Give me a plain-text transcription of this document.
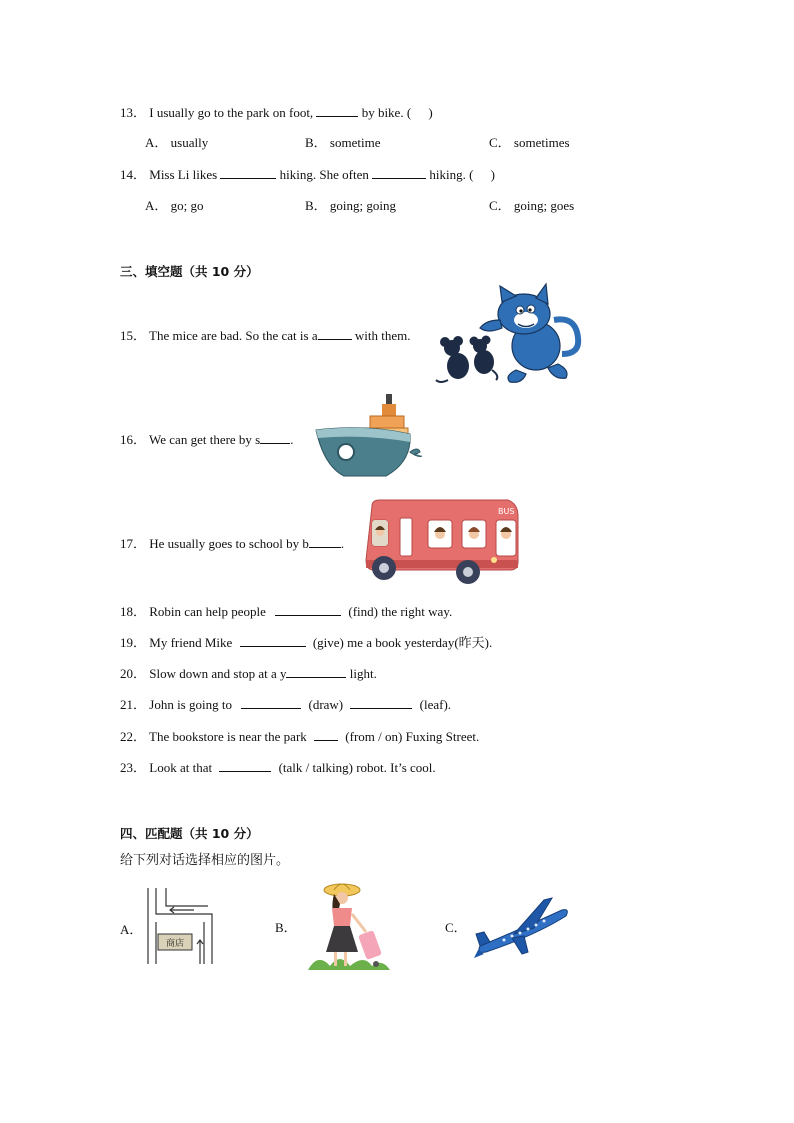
13． I usually go to the park on foot,	by bike. ( )
A． usually	B． sometime	C． sometimes
14． Miss Li likes	hiking. She often	hiking. ( )
A． go; go	B． going; going	C． going; goes
三、填空题（共 10 分）
15． The mice are bad. So the cat is a	with them.
16． We can get there by s .
17． He usually goes to school by b .
BUS
18． Robin can help people	(find) the right way.
19． My friend Mike	(give) me a book yesterday(昨天).
20． Slow down and stop at a y	light.
21． John is going to	(draw)	(leaf).
22． The bookstore is near the park	(from / on) Fuxing Street.
23． Look at that	(talk / talking) robot. It’s cool.
四、匹配题（共 10 分）
给下列对话选择相应的图片。
A．
商店
B．	C．
